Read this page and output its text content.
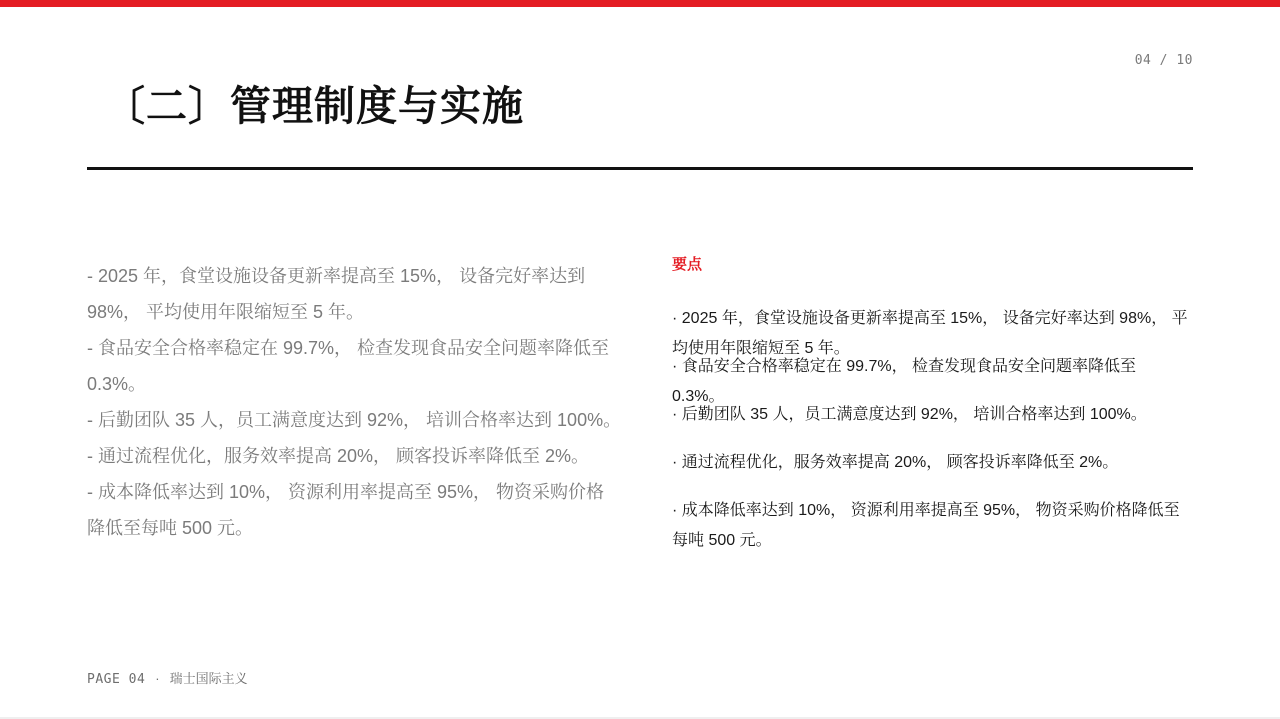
04 / 10
〔二〕管理制度与实施

- 2025 年，食堂设施设备更新率提高至 15%， 设备完好率达到 98%， 平均使用年限缩短至 5 年。

- 食品安全合格率稳定在 99.7%， 检查发现食品安全问题率降低至 0.3%。

- 后勤团队 35 人，员工满意度达到 92%， 培训合格率达到 100%。

- 通过流程优化，服务效率提高 20%， 顾客投诉率降低至 2%。

- 成本降低率达到 10%， 资源利用率提高至 95%， 物资采购价格降低至每吨 500 元。

要点

· 2025 年，食堂设施设备更新率提高至 15%， 设备完好率达到 98%， 平均使用年限缩短至 5 年。

· 食品安全合格率稳定在 99.7%， 检查发现食品安全问题率降低至 0.3%。

· 后勤团队 35 人，员工满意度达到 92%， 培训合格率达到 100%。

· 通过流程优化，服务效率提高 20%， 顾客投诉率降低至 2%。

· 成本降低率达到 10%， 资源利用率提高至 95%， 物资采购价格降低至每吨 500 元。

PAGE 04 · 瑞士国际主义
